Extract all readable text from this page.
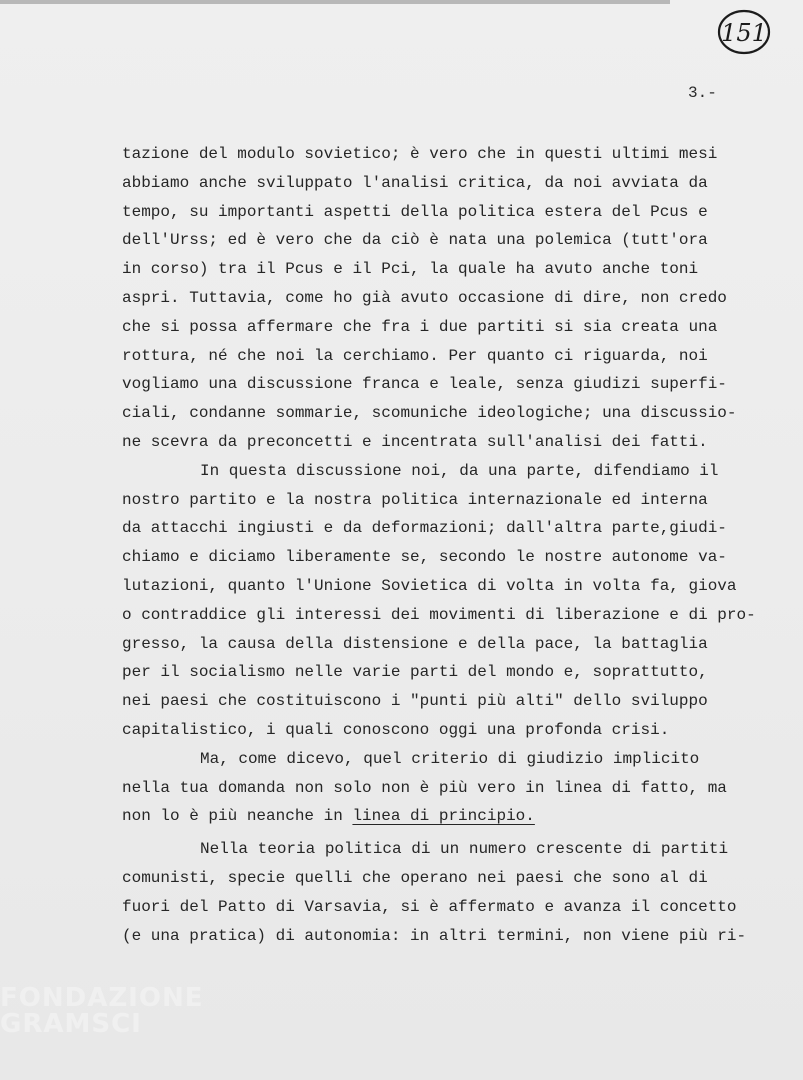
151
3.-
tazione del modulo sovietico; è vero che in questi ultimi mesi
abbiamo anche sviluppato l'analisi critica, da noi avviata da
tempo, su importanti aspetti della politica estera del Pcus e
dell'Urss; ed è vero che da ciò è nata una polemica (tutt'ora
in corso) tra il Pcus e il Pci, la quale ha avuto anche toni
aspri. Tuttavia, come ho già avuto occasione di dire, non credo
che si possa affermare che fra i due partiti si sia creata una
rottura, né che noi la cerchiamo. Per quanto ci riguarda, noi
vogliamo una discussione franca e leale, senza giudizi superfi-
ciali, condanne sommarie, scomuniche ideologiche; una discussio-
ne scevra da preconcetti e incentrata sull'analisi dei fatti.
In questa discussione noi, da una parte, difendiamo il
nostro partito e la nostra politica internazionale ed interna
da attacchi ingiusti e da deformazioni; dall'altra parte,giudi-
chiamo e diciamo liberamente se, secondo le nostre autonome va-
lutazioni, quanto l'Unione Sovietica di volta in volta fa, giova
o contraddice gli interessi dei movimenti di liberazione e di pro-
gresso, la causa della distensione e della pace, la battaglia
per il socialismo nelle varie parti del mondo e, soprattutto,
nei paesi che costituiscono i "punti più alti" dello sviluppo
capitalistico, i quali conoscono oggi una profonda crisi.
Ma, come dicevo, quel criterio di giudizio implicito
nella tua domanda non solo non è più vero in linea di fatto, ma
non lo è più neanche in linea di principio.
Nella teoria politica di un numero crescente di partiti
comunisti, specie quelli che operano nei paesi che sono al di
fuori del Patto di Varsavia, si è affermato e avanza il concetto
(e una pratica) di autonomia: in altri termini, non viene più ri-
FONDAZIONE
GRAMSCI
